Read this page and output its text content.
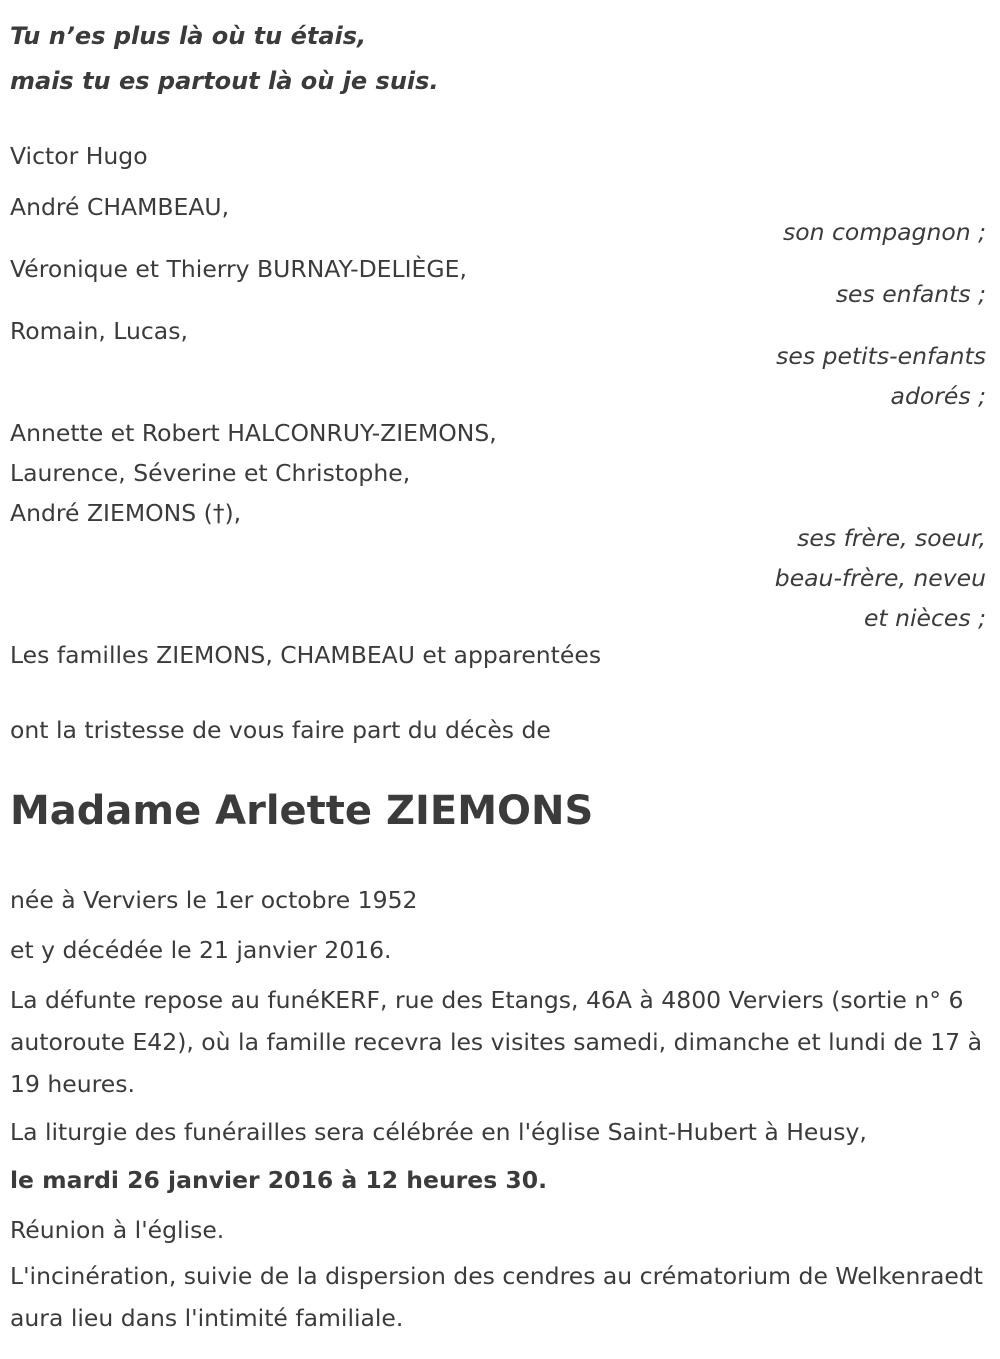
Tu n’es plus là où tu étais,
mais tu es partout là où je suis.
Victor Hugo
André CHAMBEAU,
son compagnon ;
Véronique et Thierry BURNAY-DELIÈGE,
ses enfants ;
Romain, Lucas,
ses petits-enfants
adorés ;
Annette et Robert HALCONRUY-ZIEMONS,
Laurence, Séverine et Christophe,
André ZIEMONS (†),
ses frère, soeur,
beau-frère, neveu
et nièces ;
Les familles ZIEMONS, CHAMBEAU et apparentées
ont la tristesse de vous faire part du décès de
Madame Arlette ZIEMONS
née à Verviers le 1er octobre 1952
et y décédée le 21 janvier 2016.
La défunte repose au funéKERF, rue des Etangs, 46A à 4800 Verviers (sortie n° 6 autoroute E42), où la famille recevra les visites samedi, dimanche et lundi de 17 à 19 heures.
La liturgie des funérailles sera célébrée en l'église Saint-Hubert à Heusy,
le mardi 26 janvier 2016 à 12 heures 30.
Réunion à l'église.
L'incinération, suivie de la dispersion des cendres au crématorium de Welkenraedt aura lieu dans l'intimité familiale.
